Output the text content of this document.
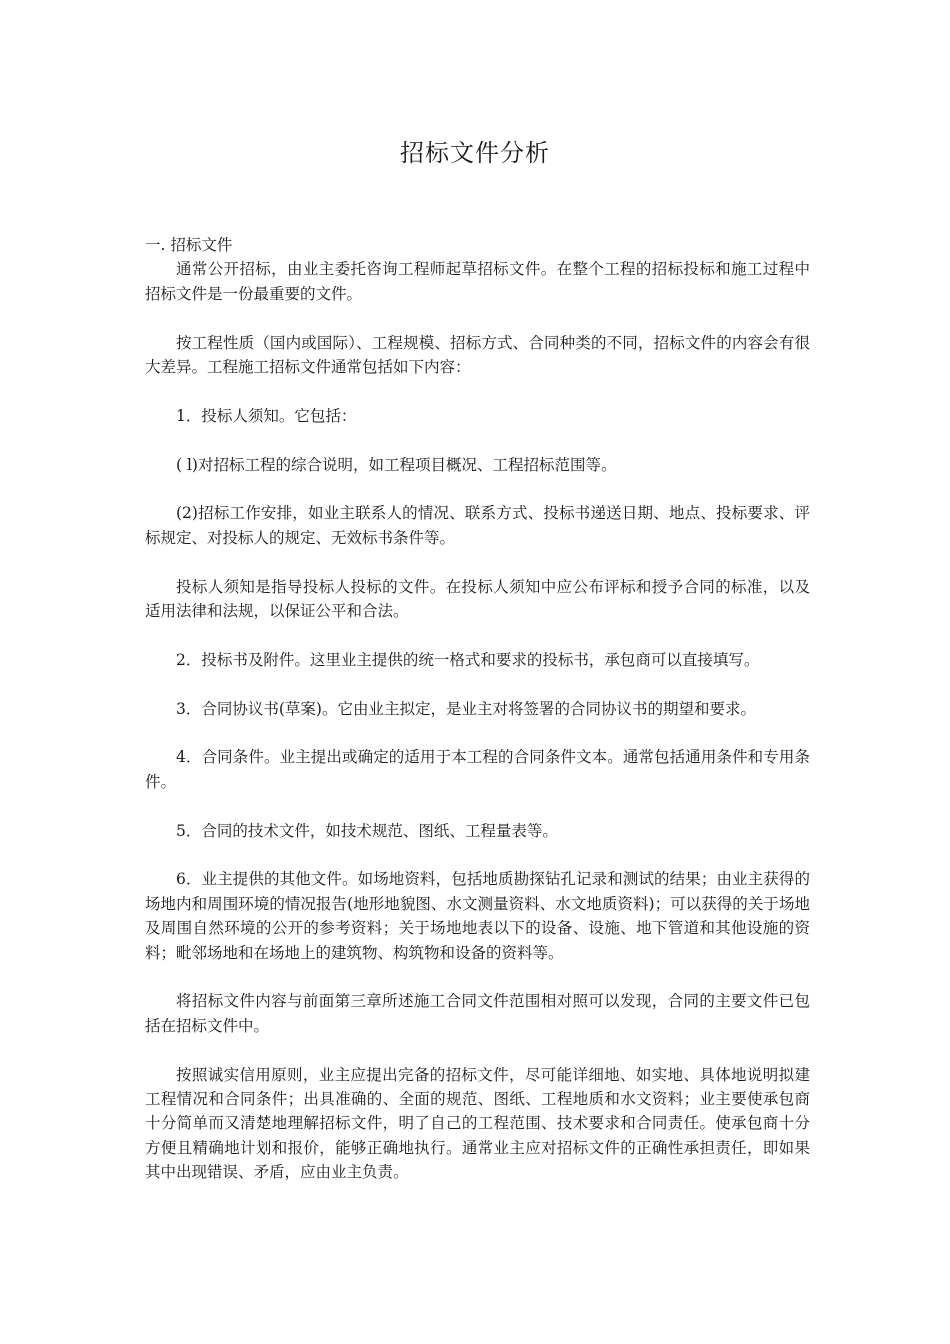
招标文件分析

一. 招标文件

通常公开招标，由业主委托咨询工程师起草招标文件。在整个工程的招标投标和施工过程中招标文件是一份最重要的文件。

按工程性质（国内或国际）、工程规模、招标方式、合同种类的不同，招标文件的内容会有很大差异。工程施工招标文件通常包括如下内容：

1．投标人须知。它包括：

( l)对招标工程的综合说明，如工程项目概况、工程招标范围等。

(2)招标工作安排，如业主联系人的情况、联系方式、投标书递送日期、地点、投标要求、评标规定、对投标人的规定、无效标书条件等。

投标人须知是指导投标人投标的文件。在投标人须知中应公布评标和授予合同的标准，以及适用法律和法规，以保证公平和合法。

2．投标书及附件。这里业主提供的统一格式和要求的投标书，承包商可以直接填写。

3．合同协议书(草案)。它由业主拟定，是业主对将签署的合同协议书的期望和要求。

4．合同条件。业主提出或确定的适用于本工程的合同条件文本。通常包括通用条件和专用条件。

5．合同的技术文件，如技术规范、图纸、工程量表等。

6．业主提供的其他文件。如场地资料，包括地质勘探钻孔记录和测试的结果；由业主获得的场地内和周围环境的情况报告(地形地貌图、水文测量资料、水文地质资料)；可以获得的关于场地及周围自然环境的公开的参考资料；关于场地地表以下的设备、设施、地下管道和其他设施的资料；毗邻场地和在场地上的建筑物、构筑物和设备的资料等。

将招标文件内容与前面第三章所述施工合同文件范围相对照可以发现，合同的主要文件已包括在招标文件中。

按照诚实信用原则，业主应提出完备的招标文件，尽可能详细地、如实地、具体地说明拟建工程情况和合同条件；出具准确的、全面的规范、图纸、工程地质和水文资料；业主要使承包商十分简单而又清楚地理解招标文件，明了自己的工程范围、技术要求和合同责任。使承包商十分方便且精确地计划和报价，能够正确地执行。通常业主应对招标文件的正确性承担责任，即如果其中出现错误、矛盾，应由业主负责。
